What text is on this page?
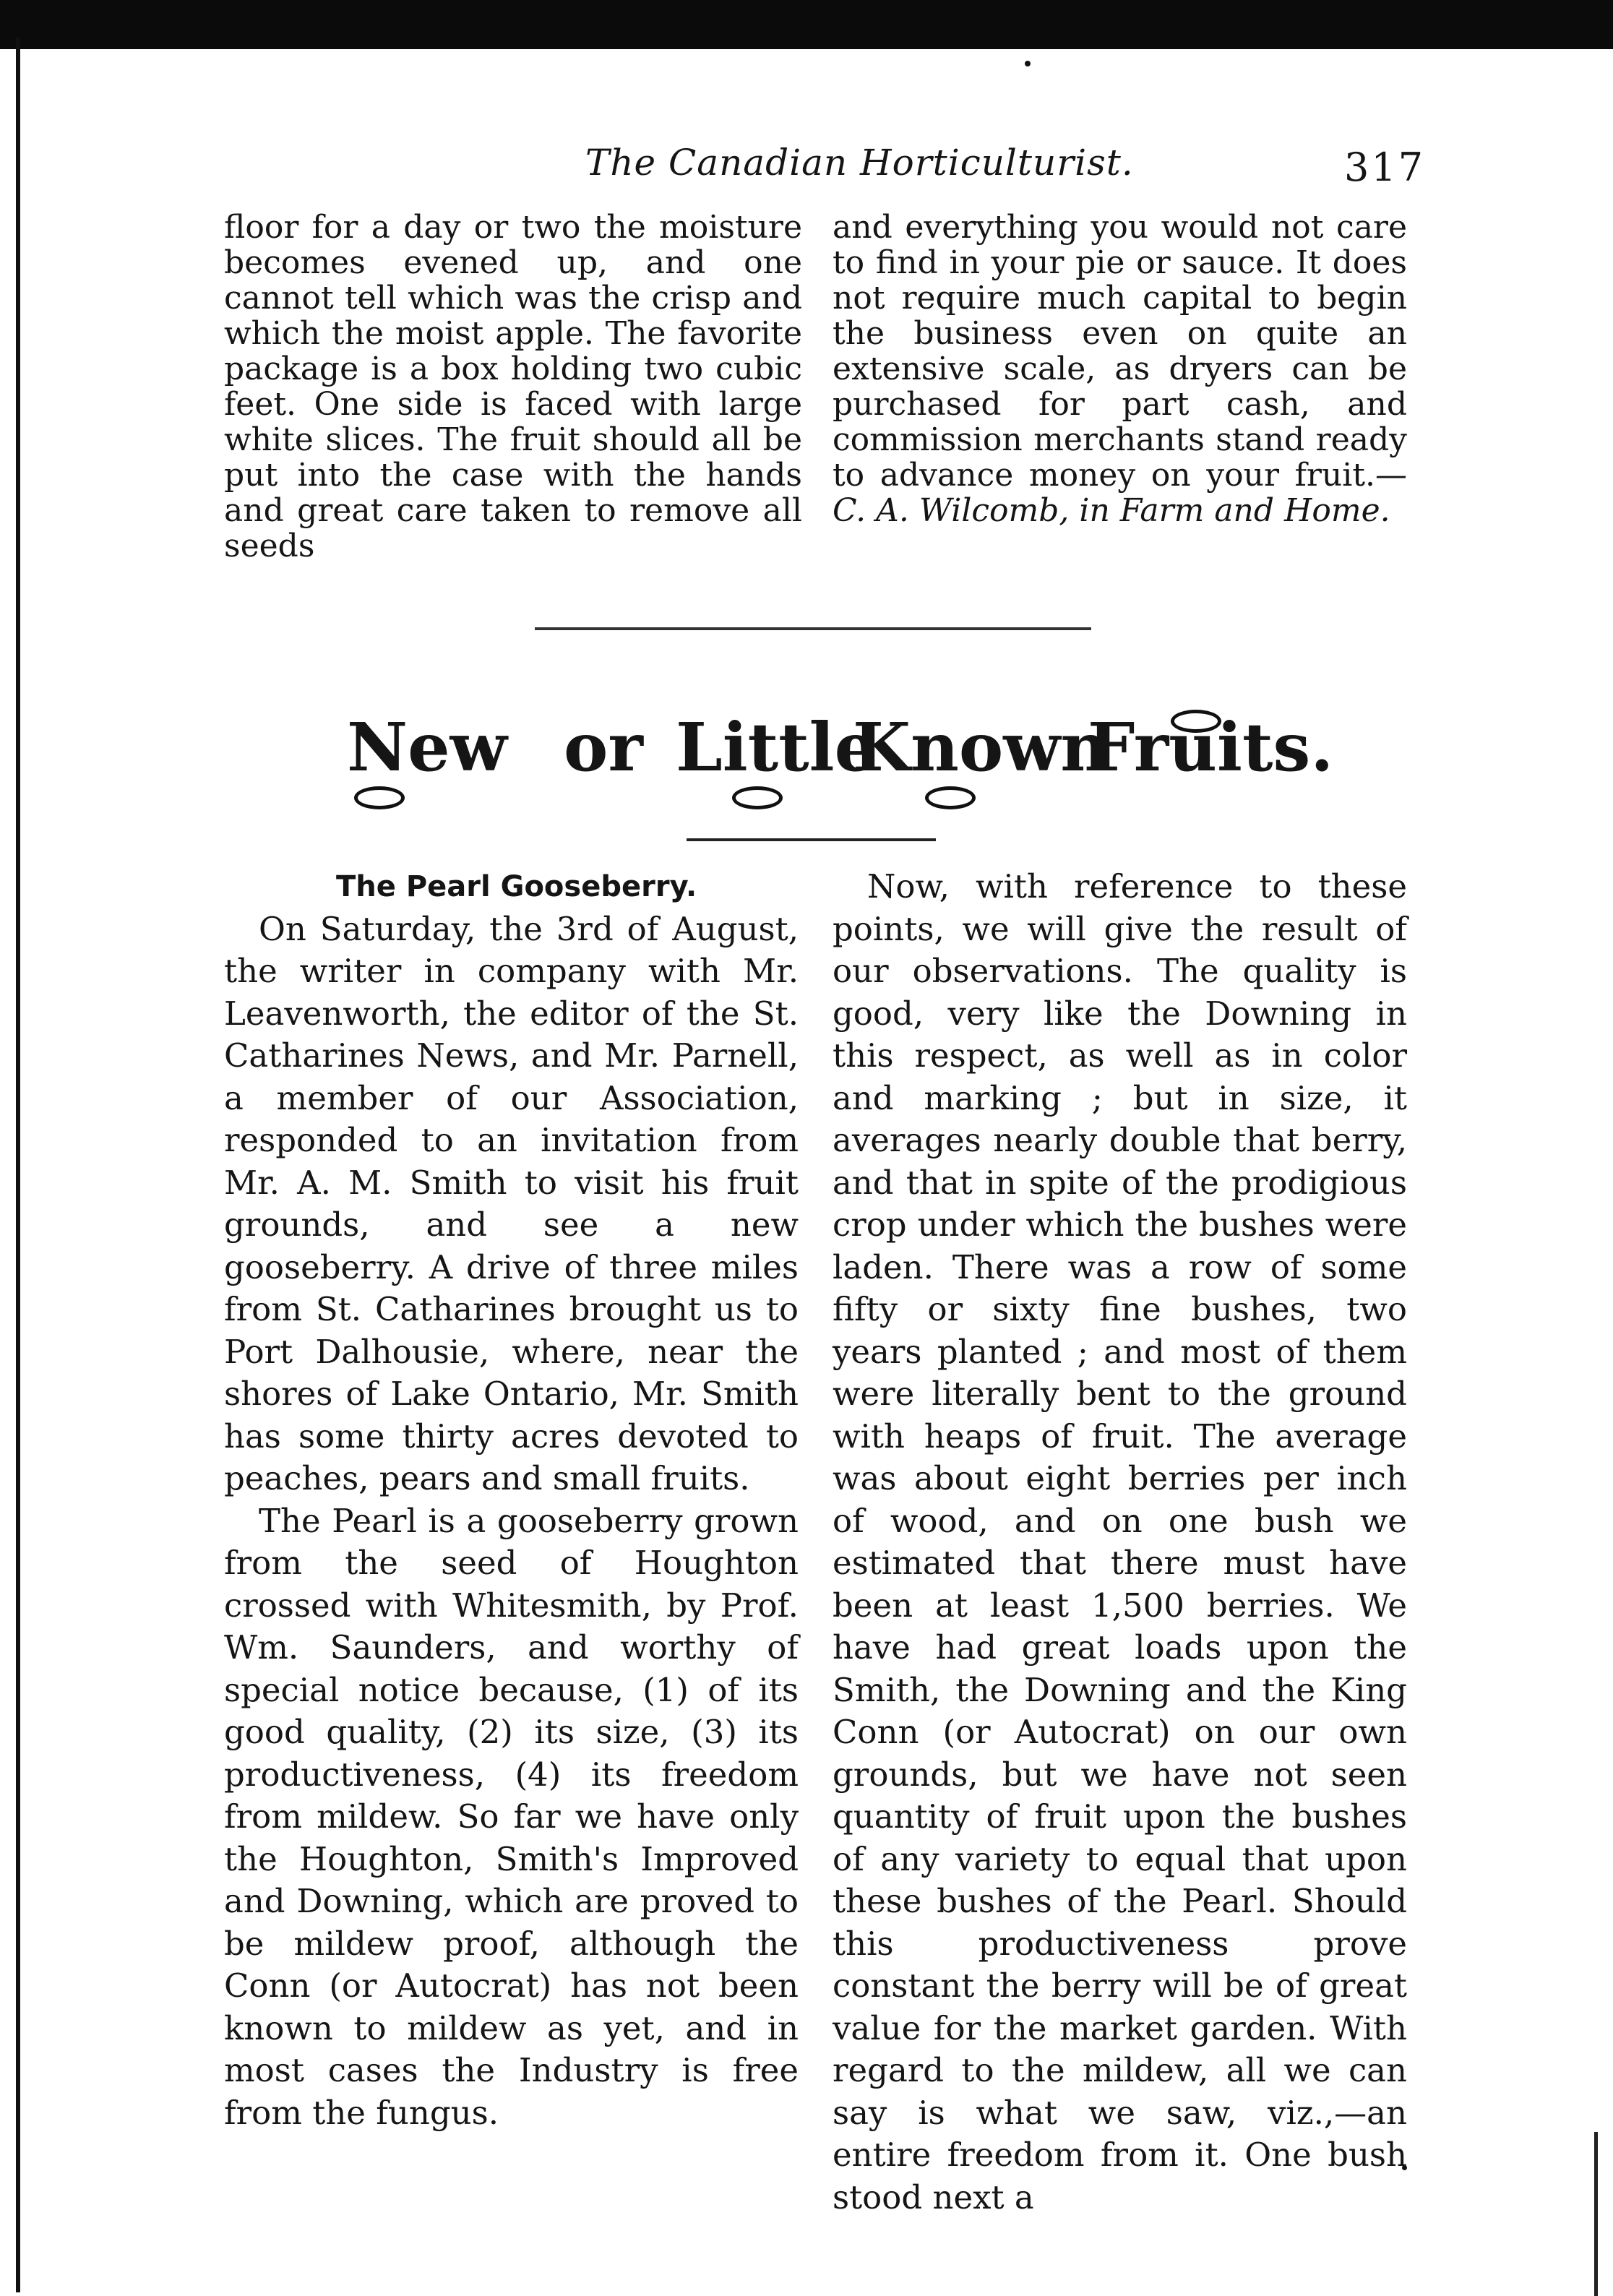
The Canadian Horticulturist.	317

floor for a day or two the moisture becomes evened up, and one cannot tell which was the crisp and which the moist apple. The favorite package is a box holding two cubic feet. One side is faced with large white slices. The fruit should all be put into the case with the hands and great care taken to remove all seeds

and everything you would not care to find in your pie or sauce. It does not require much capital to begin the business even on quite an extensive scale, as dryers can be purchased for part cash, and commission merchants stand ready to advance money on your fruit.—C. A. Wilcomb, in Farm and Home.

New or Little
Known
Fruits.

The Pearl Gooseberry.

On Saturday, the 3rd of August, the writer in company with Mr. Leavenworth, the editor of the St. Catharines News, and Mr. Parnell, a member of our Association, responded to an invitation from Mr. A. M. Smith to visit his fruit grounds, and see a new gooseberry. A drive of three miles from St. Catharines brought us to Port Dalhousie, where, near the shores of Lake Ontario, Mr. Smith has some thirty acres devoted to peaches, pears and small fruits.

The Pearl is a gooseberry grown from the seed of Houghton crossed with Whitesmith, by Prof. Wm. Saunders, and worthy of special notice because, (1) of its good quality, (2) its size, (3) its productiveness, (4) its freedom from mildew. So far we have only the Houghton, Smith's Improved and Downing, which are proved to be mildew proof, although the Conn (or Autocrat) has not been known to mildew as yet, and in most cases the Industry is free from the fungus.

Now, with reference to these points, we will give the result of our observations. The quality is good, very like the Downing in this respect, as well as in color and marking ; but in size, it averages nearly double that berry, and that in spite of the prodigious crop under which the bushes were laden. There was a row of some fifty or sixty fine bushes, two years planted ; and most of them were literally bent to the ground with heaps of fruit. The average was about eight berries per inch of wood, and on one bush we estimated that there must have been at least 1,500 berries. We have had great loads upon the Smith, the Downing and the King Conn (or Autocrat) on our own grounds, but we have not seen quantity of fruit upon the bushes of any variety to equal that upon these bushes of the Pearl. Should this productiveness prove constant the berry will be of great value for the market garden. With regard to the mildew, all we can say is what we saw, viz.,—an entire freedom from it. One bush stood next a
